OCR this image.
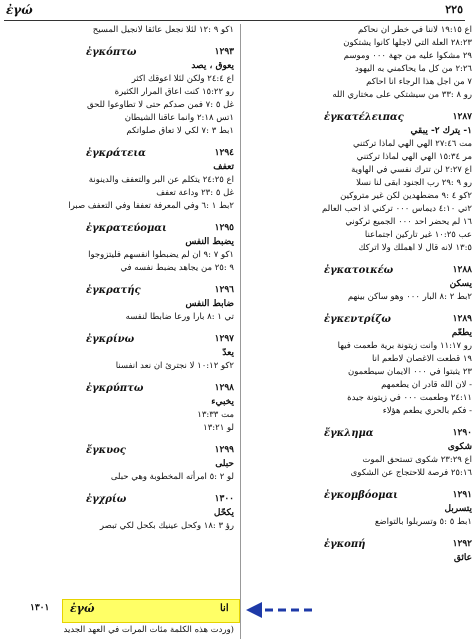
ἐγώ	٢٢٥
اع ١٩:١٥ لاننا في خطر ان نحاكم
٢٨:٢٣ العلة التي لاجلها كانوا يشتكون
٢٩ مشكوا عليه من جهة ٠٠٠ وموسم
٢:٢٦ من كل ما يحاكمني به اليهود
٧ من اجل هذا الرجاء انا احاكم
رو ٨ :٣٣ من سيشتكي على مختاري الله
١٢٨٧
ἐγκατέλειπας
١- يترك ٢- يبقي
مت ٢٧:٤٦ الهي الهي لماذا تركتني
مر ١٥:٣٤ الهي الهي لماذا تركتني
اع ٢:٢٧ لن تترك نفسي في الهاوية
رو ٩ :٢٩ رب الجنود ابقى لنا نسلا
٢كو ٤ :٩ مضطهدين لكن غير متروكين
٢تي ٤:١٠ ديماس ٠٠٠ تركني اذ احب العالم
١٦ لم يحضر احد ٠٠٠ الجميع تركوني
عب ١٠:٢٥ غير تاركين اجتماعنا
١٣:٥ لانه قال لا اهملك ولا اتركك
١٢٨٨
ἐγκατοικέω
يسكن
٢بط ٢ :٨ البار ٠٠٠ وهو ساكن بينهم
١٢٨٩
ἐγκεντρίζω
يطعّم
رو ١١:١٧ وانت زيتونة برية طعمت فيها
١٩ قطعت الاغصان لاطعم انا
٢٣ يثبتوا في ٠٠٠ الايمان سيطعمون
- لان الله قادر ان يطعمهم
٢٤:١١ وطعمت ٠٠٠ في زيتونة جيدة
- فكم بالحري يطعم هؤلاء
١٢٩٠
ἔγκλημα
شكوى
اع ٢٣:٢٩ شكوى تستحق الموت
٢٥:١٦ فرصة للاحتجاج عن الشكوى
١٢٩١
ἐγκομβόομαι
يتسربل
١بط ٥ :٥ وتسربلوا بالتواضع
١٢٩٢
ἐγκοπή
عائق
١كو ٩ :١٢ لئلا نجعل عائقا لانجيل المسيح
١٢٩٣
ἐγκόπτω
يعوق ، يصد
اع ٢٤:٤ ولكن لئلا اعوقك اكثر
رو ١٥:٢٢ كنت اعاق المرار الكثيرة
غل ٥ :٧ فمن صدكم حتى لا تطاوعوا للحق
١تس ٢:١٨ وانما عاقنا الشيطان
١بط ٣ :٧ لكي لا تعاق صلواتكم
١٢٩٤
ἐγκράτεια
تعفف
اع ٢٤:٢٥ يتكلم عن البر والتعفف والدينونة
غل ٥ :٢٣ وداعة تعفف
٢بط ١ :٦ وفي المعرفة تعففا وفي التعفف صبرا
١٢٩٥
ἐγκρατεύομαι
يضبط النفس
١كو ٧ :٩ ان لم يضبطوا انفسهم فليتزوجوا
٩ :٢٥ من يجاهد يضبط نفسه في
١٢٩٦
ἐγκρατής
ضابط النفس
تي ١ :٨ بارا ورعا ضابطا لنفسه
١٢٩٧
ἐγκρίνω
يعدّ
٢كو ١٠:١٢ لا نجترئ ان نعد انفسنا
١٢٩٨
ἐγκρύπτω
يخبيء
مت ١٣:٣٣
لو ١٣:٢١
١٢٩٩
ἔγκυος
حبلى
لو ٢ :٥ امرأته المخطوبة وهي حبلى
١٣٠٠
ἐγχρίω
يكحّل
رؤ ٣ :١٨ وكحل عينيك بكحل لكي تبصر
انا
ἐγώ
١٣٠١
(وردت هذه الكلمة مئات المرات في العهد الجديد
